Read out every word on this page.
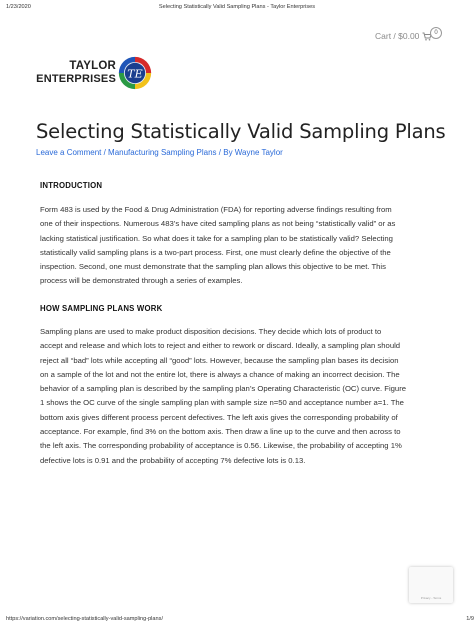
1/23/2020	Selecting Statistically Valid Sampling Plans - Taylor Enterprises
Cart / $0.00	0
TAYLOR
ENTERPRISES TE
Selecting Statistically Valid Sampling Plans
Leave a Comment / Manufacturing Sampling Plans / By Wayne Taylor
INTRODUCTION
Form 483 is used by the Food & Drug Administration (FDA) for reporting adverse findings resulting from
one of their inspections. Numerous 483’s have cited sampling plans as not being “statistically valid” or as
lacking statistical justification. So what does it take for a sampling plan to be statistically valid? Selecting
statistically valid sampling plans is a two-part process. First, one must clearly define the objective of the
inspection. Second, one must demonstrate that the sampling plan allows this objective to be met. This
process will be demonstrated through a series of examples.
HOW SAMPLING PLANS WORK
Sampling plans are used to make product disposition decisions. They decide which lots of product to
accept and release and which lots to reject and either to rework or discard. Ideally, a sampling plan should
reject all “bad” lots while accepting all “good” lots. However, because the sampling plan bases its decision
on a sample of the lot and not the entire lot, there is always a chance of making an incorrect decision. The
behavior of a sampling plan is described by the sampling plan’s Operating Characteristic (OC) curve. Figure
1 shows the OC curve of the single sampling plan with sample size n=50 and acceptance number a=1. The
bottom axis gives different process percent defectives. The left axis gives the corresponding probability of
acceptance. For example, find 3% on the bottom axis. Then draw a line up to the curve and then across to
the left axis. The corresponding probability of acceptance is 0.56. Likewise, the probability of accepting 1%
defective lots is 0.91 and the probability of accepting 7% defective lots is 0.13.
Privacy - Terms
https://variation.com/selecting-statistically-valid-sampling-plans/	1/9
